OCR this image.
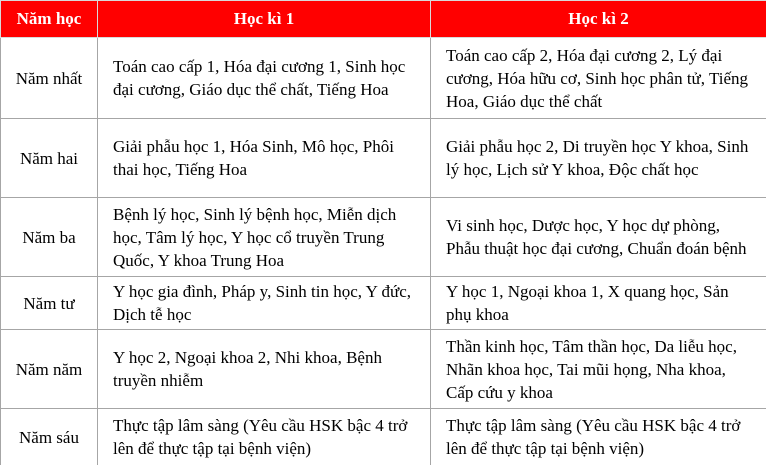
Năm học	Học kì 1	Học kì 2
Năm nhất	Toán cao cấp 1, Hóa đại cương 1, Sinh học đại cương, Giáo dục thể chất, Tiếng Hoa	Toán cao cấp 2, Hóa đại cương 2, Lý đại cương, Hóa hữu cơ, Sinh học phân tử, Tiếng Hoa, Giáo dục thể chất
Năm hai	Giải phẫu học 1, Hóa Sinh, Mô học, Phôi thai học, Tiếng Hoa	Giải phẫu học 2, Di truyền học Y khoa, Sinh lý học, Lịch sử Y khoa, Độc chất học
Năm ba	Bệnh lý học, Sinh lý bệnh học, Miễn dịch học, Tâm lý học, Y học cổ truyền Trung Quốc, Y khoa Trung Hoa	Vi sinh học, Dược học, Y học dự phòng, Phẫu thuật học đại cương, Chuẩn đoán bệnh
Năm tư	Y học gia đình, Pháp y, Sinh tin học, Y đức, Dịch tễ học	Y học 1, Ngoại khoa 1, X quang học, Sản phụ khoa
Năm năm	Y học 2, Ngoại khoa 2, Nhi khoa, Bệnh truyền nhiễm	Thần kinh học, Tâm thần học, Da liễu học, Nhãn khoa học, Tai mũi họng, Nha khoa, Cấp cứu y khoa
Năm sáu	Thực tập lâm sàng (Yêu cầu HSK bậc 4 trở lên để thực tập tại bệnh viện)	Thực tập lâm sàng (Yêu cầu HSK bậc 4 trở lên để thực tập tại bệnh viện)
